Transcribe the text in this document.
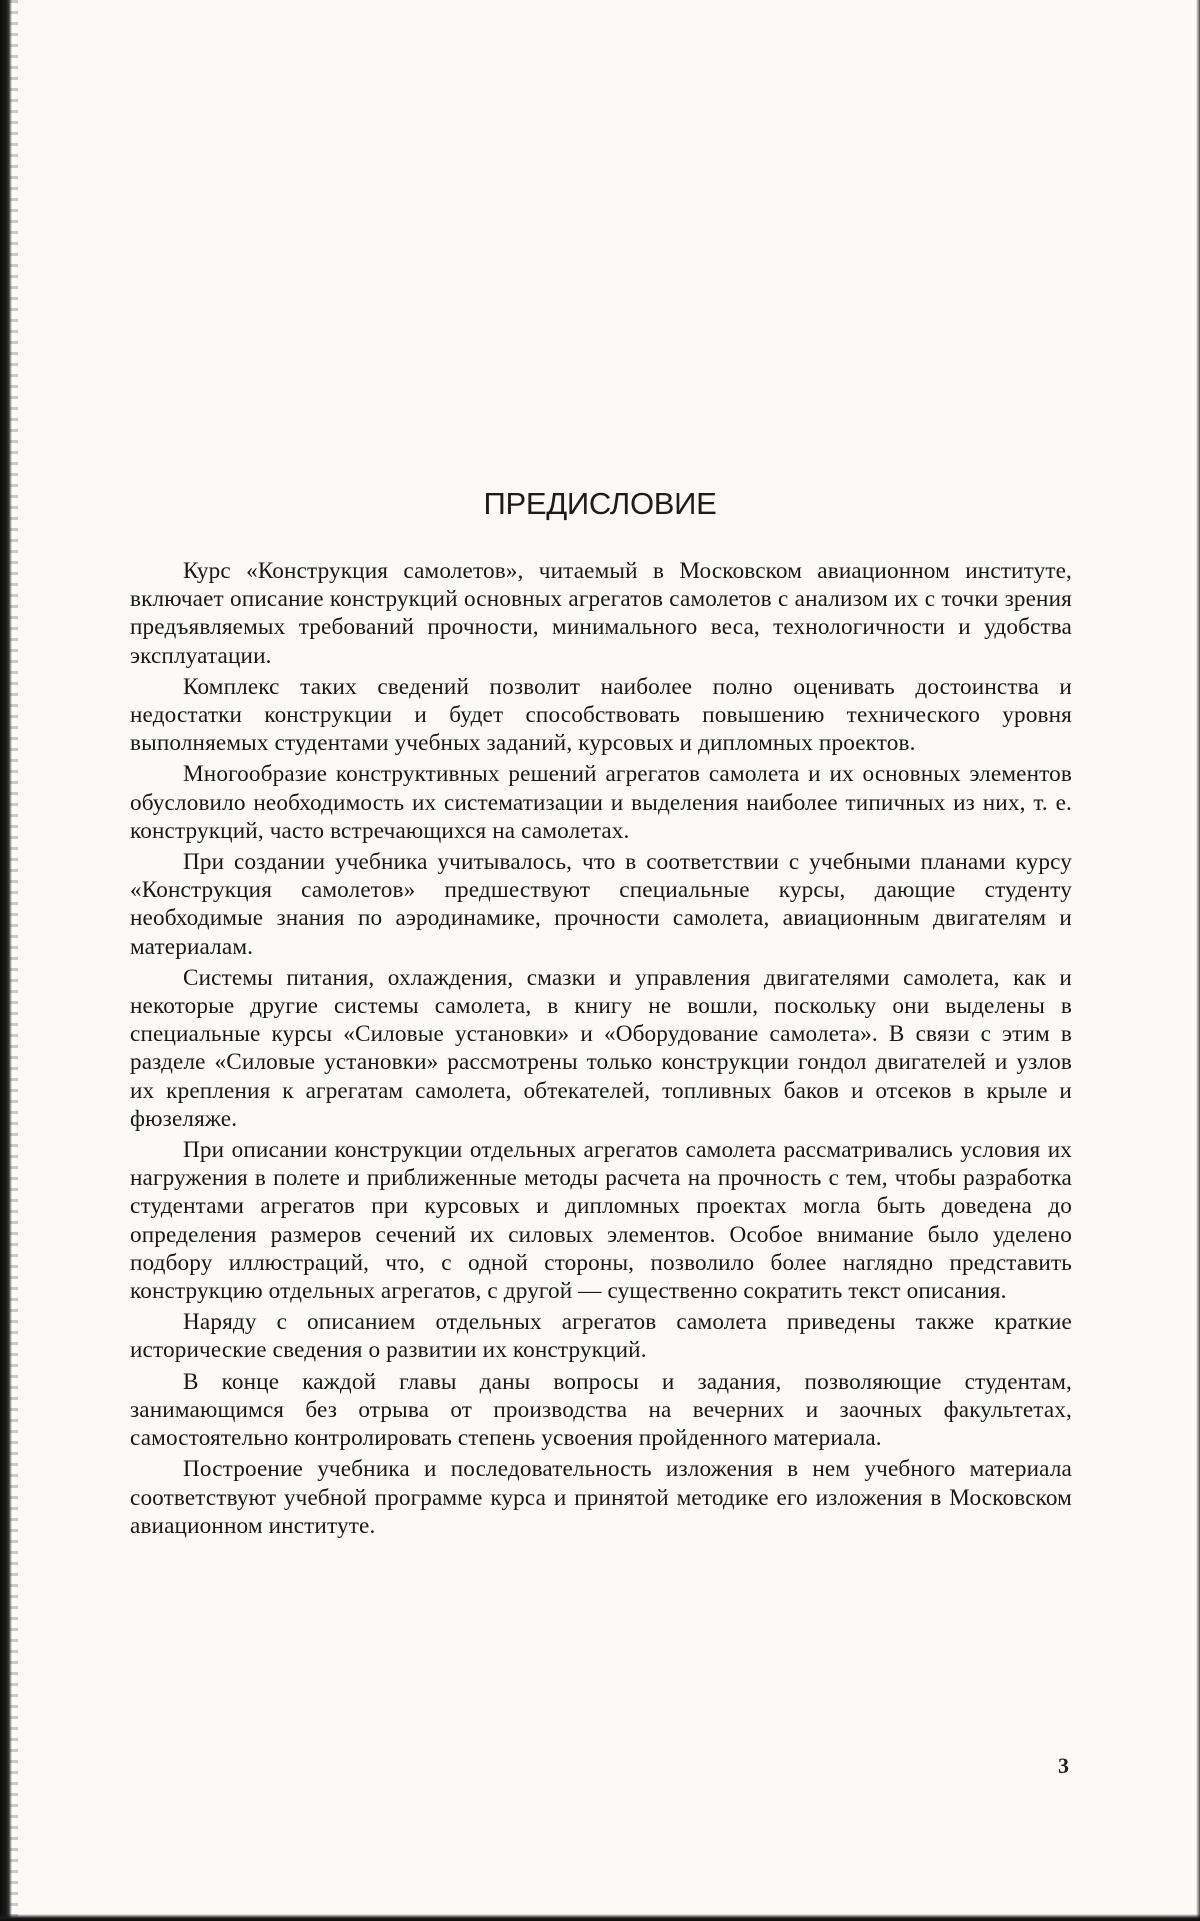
ПРЕДИСЛОВИЕ

Курс «Конструкция самолетов», читаемый в Московском авиационном институте, включает описание конструкций основных агрегатов самолетов с анализом их с точки зрения предъявляемых требований прочности, минимального веса, технологичности и удобства эксплуатации.

Комплекс таких сведений позволит наиболее полно оценивать достоинства и недостатки конструкции и будет способствовать повышению технического уровня выполняемых студентами учебных заданий, курсовых и дипломных проектов.

Многообразие конструктивных решений агрегатов самолета и их основных элементов обусловило необходимость их систематизации и выделения наиболее типичных из них, т. е. конструкций, часто встречающихся на самолетах.

При создании учебника учитывалось, что в соответствии с учебными планами курсу «Конструкция самолетов» предшествуют специальные курсы, дающие студенту необходимые знания по аэродинамике, прочности самолета, авиационным двигателям и материалам.

Системы питания, охлаждения, смазки и управления двигателями самолета, как и некоторые другие системы самолета, в книгу не вошли, поскольку они выделены в специальные курсы «Силовые установки» и «Оборудование самолета». В связи с этим в разделе «Силовые установки» рассмотрены только конструкции гондол двигателей и узлов их крепления к агрегатам самолета, обтекателей, топливных баков и отсеков в крыле и фюзеляже.

При описании конструкции отдельных агрегатов самолета рассматривались условия их нагружения в полете и приближенные методы расчета на прочность с тем, чтобы разработка студентами агрегатов при курсовых и дипломных проектах могла быть доведена до определения размеров сечений их силовых элементов. Особое внимание было уделено подбору иллюстраций, что, с одной стороны, позволило более наглядно представить конструкцию отдельных агрегатов, с другой — существенно сократить текст описания.

Наряду с описанием отдельных агрегатов самолета приведены также краткие исторические сведения о развитии их конструкций.

В конце каждой главы даны вопросы и задания, позволяющие студентам, занимающимся без отрыва от производства на вечерних и заочных факультетах, самостоятельно контролировать степень усвоения пройденного материала.

Построение учебника и последовательность изложения в нем учебного материала соответствуют учебной программе курса и принятой методике его изложения в Московском авиационном институте.

3
